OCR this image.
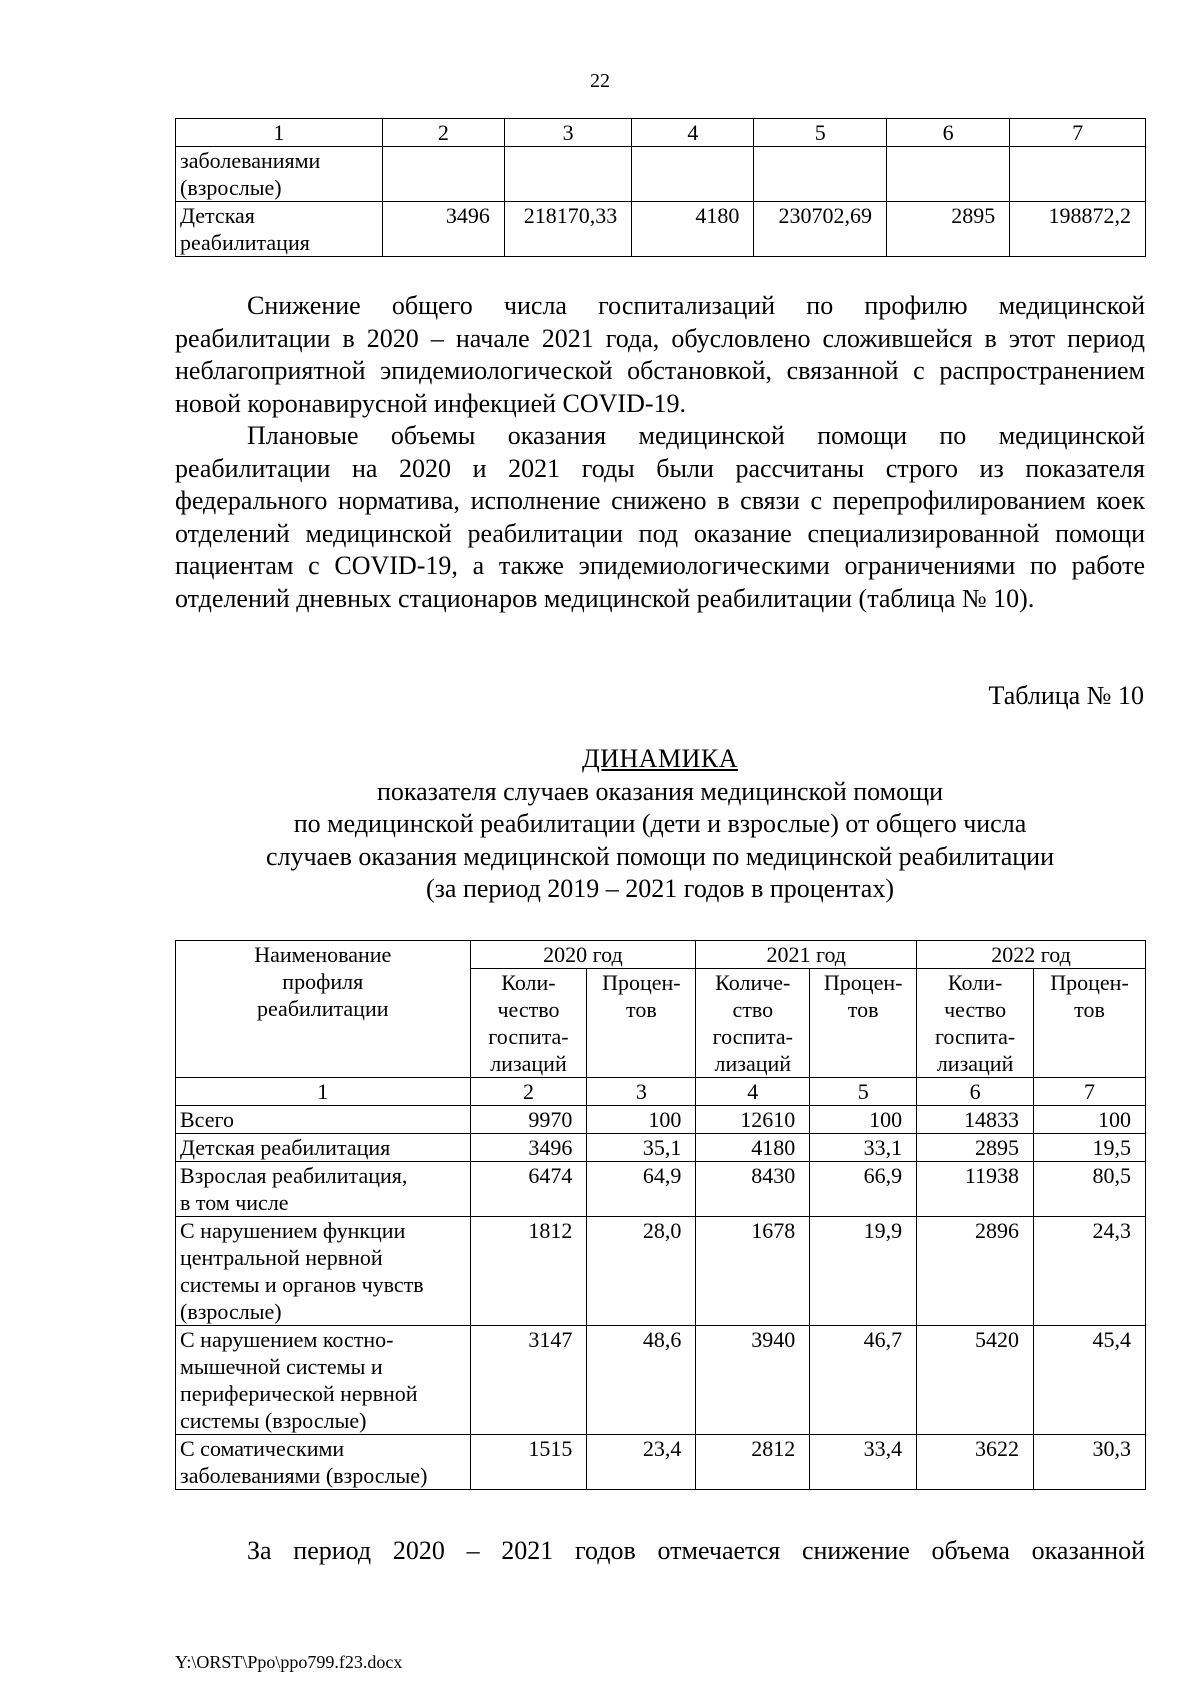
22
1	2	3	4	5	6	7
заболеваниями
(взрослые)						
Детская
реабилитация	3496	218170,33	4180	230702,69	2895	198872,2

Снижение общего числа госпитализаций по профилю медицинской реабилитации в 2020 – начале 2021 года, обусловлено сложившейся в этот период неблагоприятной эпидемиологической обстановкой, связанной с распространением новой коронавирусной инфекцией COVID-19.

Плановые объемы оказания медицинской помощи по медицинской реабилитации на 2020 и 2021 годы были рассчитаны строго из показателя федерального норматива, исполнение снижено в связи с перепрофилированием коек отделений медицинской реабилитации под оказание специализированной помощи пациентам с COVID-19, а также эпидемиологическими ограничениями по работе отделений дневных стационаров медицинской реабилитации (таблица № 10).

Таблица № 10
ДИНАМИКА
показателя случаев оказания медицинской помощи
по медицинской реабилитации (дети и взрослые) от общего числа
случаев оказания медицинской помощи по медицинской реабилитации
(за период 2019 – 2021 годов в процентах)
Наименование
профиля
реабилитации	2020 год		2021 год		2022 год	
	Коли-
чество
госпита-
лизаций	Процен-
тов	Количе-
ство
госпита-
лизаций	Процен-
тов	Коли-
чество
госпита-
лизаций	Процен-
тов
1	2	3	4	5	6	7
Всего	9970	100	12610	100	14833	100
Детская реабилитация	3496	35,1	4180	33,1	2895	19,5
Взрослая реабилитация,
в том числе	6474	64,9	8430	66,9	11938	80,5
С нарушением функции
центральной нервной
системы и органов чувств
(взрослые)	1812	28,0	1678	19,9	2896	24,3
С нарушением костно-
мышечной системы и
периферической нервной
системы (взрослые)	3147	48,6	3940	46,7	5420	45,4
С соматическими
заболеваниями (взрослые)	1515	23,4	2812	33,4	3622	30,3

За период 2020 – 2021 годов отмечается снижение объема оказанной

Y:\ORST\Ppo\ppo799.f23.docx
